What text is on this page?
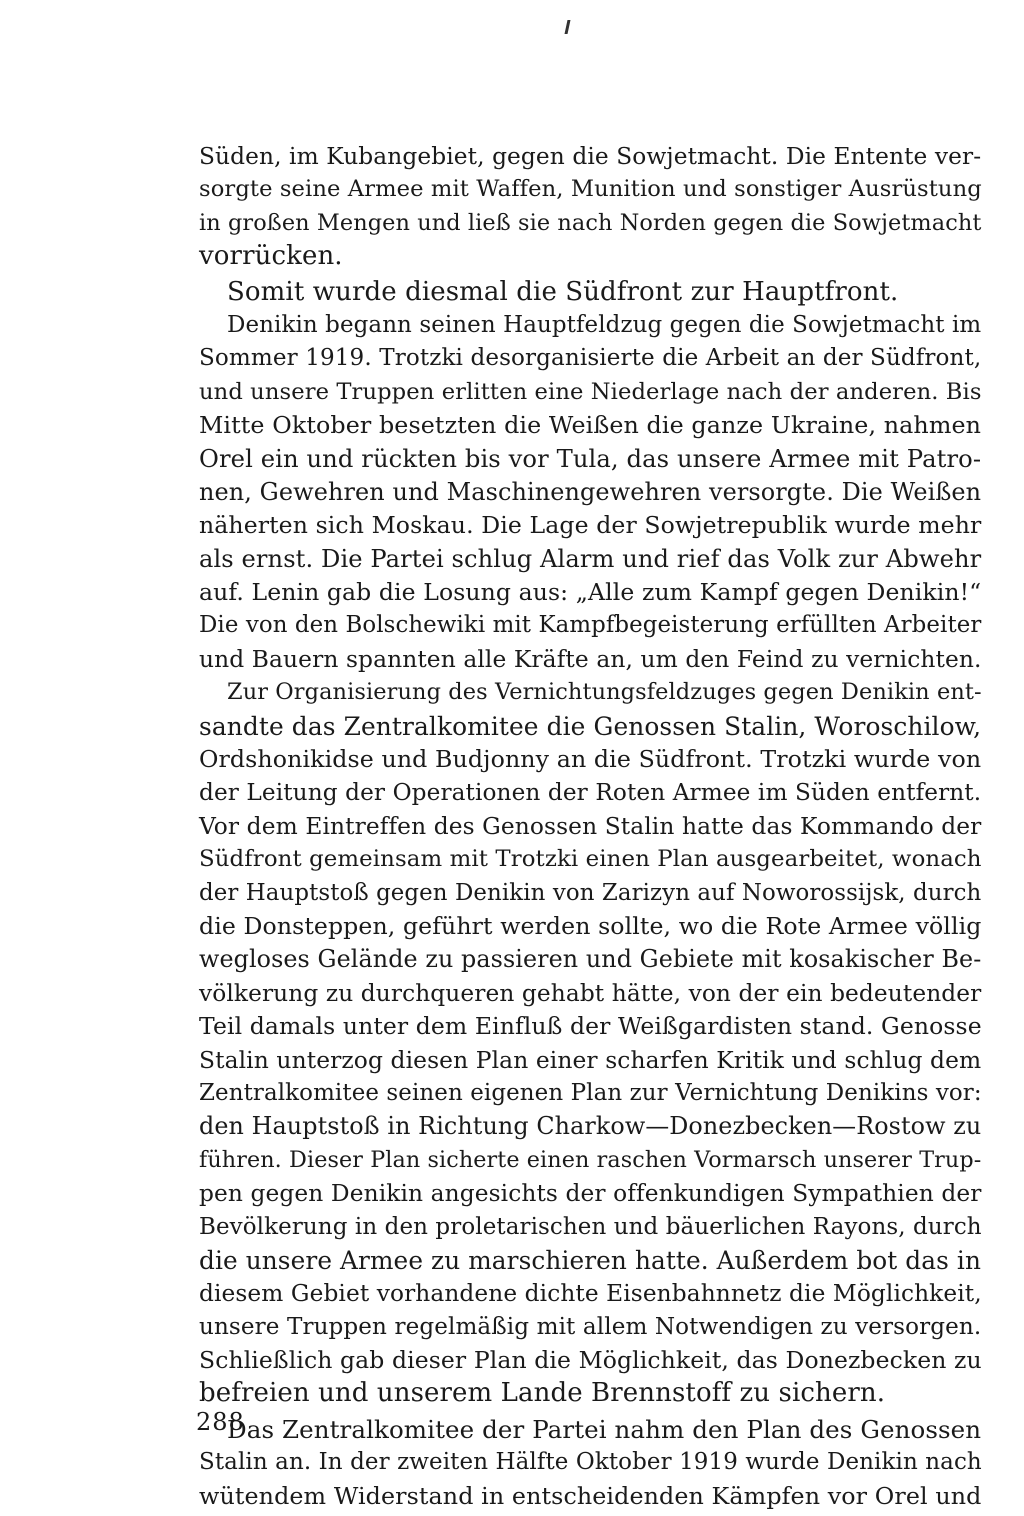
Süden, im Kubangebiet, gegen die Sowjetmacht. Die Entente ver-
sorgte seine Armee mit Waffen, Munition und sonstiger Ausrüstung
in großen Mengen und ließ sie nach Norden gegen die Sowjetmacht
vorrücken.
Somit wurde diesmal die Südfront zur Hauptfront.
Denikin begann seinen Hauptfeldzug gegen die Sowjetmacht im
Sommer 1919. Trotzki desorganisierte die Arbeit an der Südfront,
und unsere Truppen erlitten eine Niederlage nach der anderen. Bis
Mitte Oktober besetzten die Weißen die ganze Ukraine, nahmen
Orel ein und rückten bis vor Tula, das unsere Armee mit Patro-
nen, Gewehren und Maschinengewehren versorgte. Die Weißen
näherten sich Moskau. Die Lage der Sowjetrepublik wurde mehr
als ernst. Die Partei schlug Alarm und rief das Volk zur Abwehr
auf. Lenin gab die Losung aus: „Alle zum Kampf gegen Denikin!“
Die von den Bolschewiki mit Kampfbegeisterung erfüllten Arbeiter
und Bauern spannten alle Kräfte an, um den Feind zu vernichten.
Zur Organisierung des Vernichtungsfeldzuges gegen Denikin ent-
sandte das Zentralkomitee die Genossen Stalin, Woroschilow,
Ordshonikidse und Budjonny an die Südfront. Trotzki wurde von
der Leitung der Operationen der Roten Armee im Süden entfernt.
Vor dem Eintreffen des Genossen Stalin hatte das Kommando der
Südfront gemeinsam mit Trotzki einen Plan ausgearbeitet, wonach
der Hauptstoß gegen Denikin von Zarizyn auf Noworossijsk, durch
die Donsteppen, geführt werden sollte, wo die Rote Armee völlig
wegloses Gelände zu passieren und Gebiete mit kosakischer Be-
völkerung zu durchqueren gehabt hätte, von der ein bedeutender
Teil damals unter dem Einfluß der Weißgardisten stand. Genosse
Stalin unterzog diesen Plan einer scharfen Kritik und schlug dem
Zentralkomitee seinen eigenen Plan zur Vernichtung Denikins vor:
den Hauptstoß in Richtung Charkow—Donezbecken—Rostow zu
führen. Dieser Plan sicherte einen raschen Vormarsch unserer Trup-
pen gegen Denikin angesichts der offenkundigen Sympathien der
Bevölkerung in den proletarischen und bäuerlichen Rayons, durch
die unsere Armee zu marschieren hatte. Außerdem bot das in
diesem Gebiet vorhandene dichte Eisenbahnnetz die Möglichkeit,
unsere Truppen regelmäßig mit allem Notwendigen zu versorgen.
Schließlich gab dieser Plan die Möglichkeit, das Donezbecken zu
befreien und unserem Lande Brennstoff zu sichern.
Das Zentralkomitee der Partei nahm den Plan des Genossen
Stalin an. In der zweiten Hälfte Oktober 1919 wurde Denikin nach
wütendem Widerstand in entscheidenden Kämpfen vor Orel und
288
